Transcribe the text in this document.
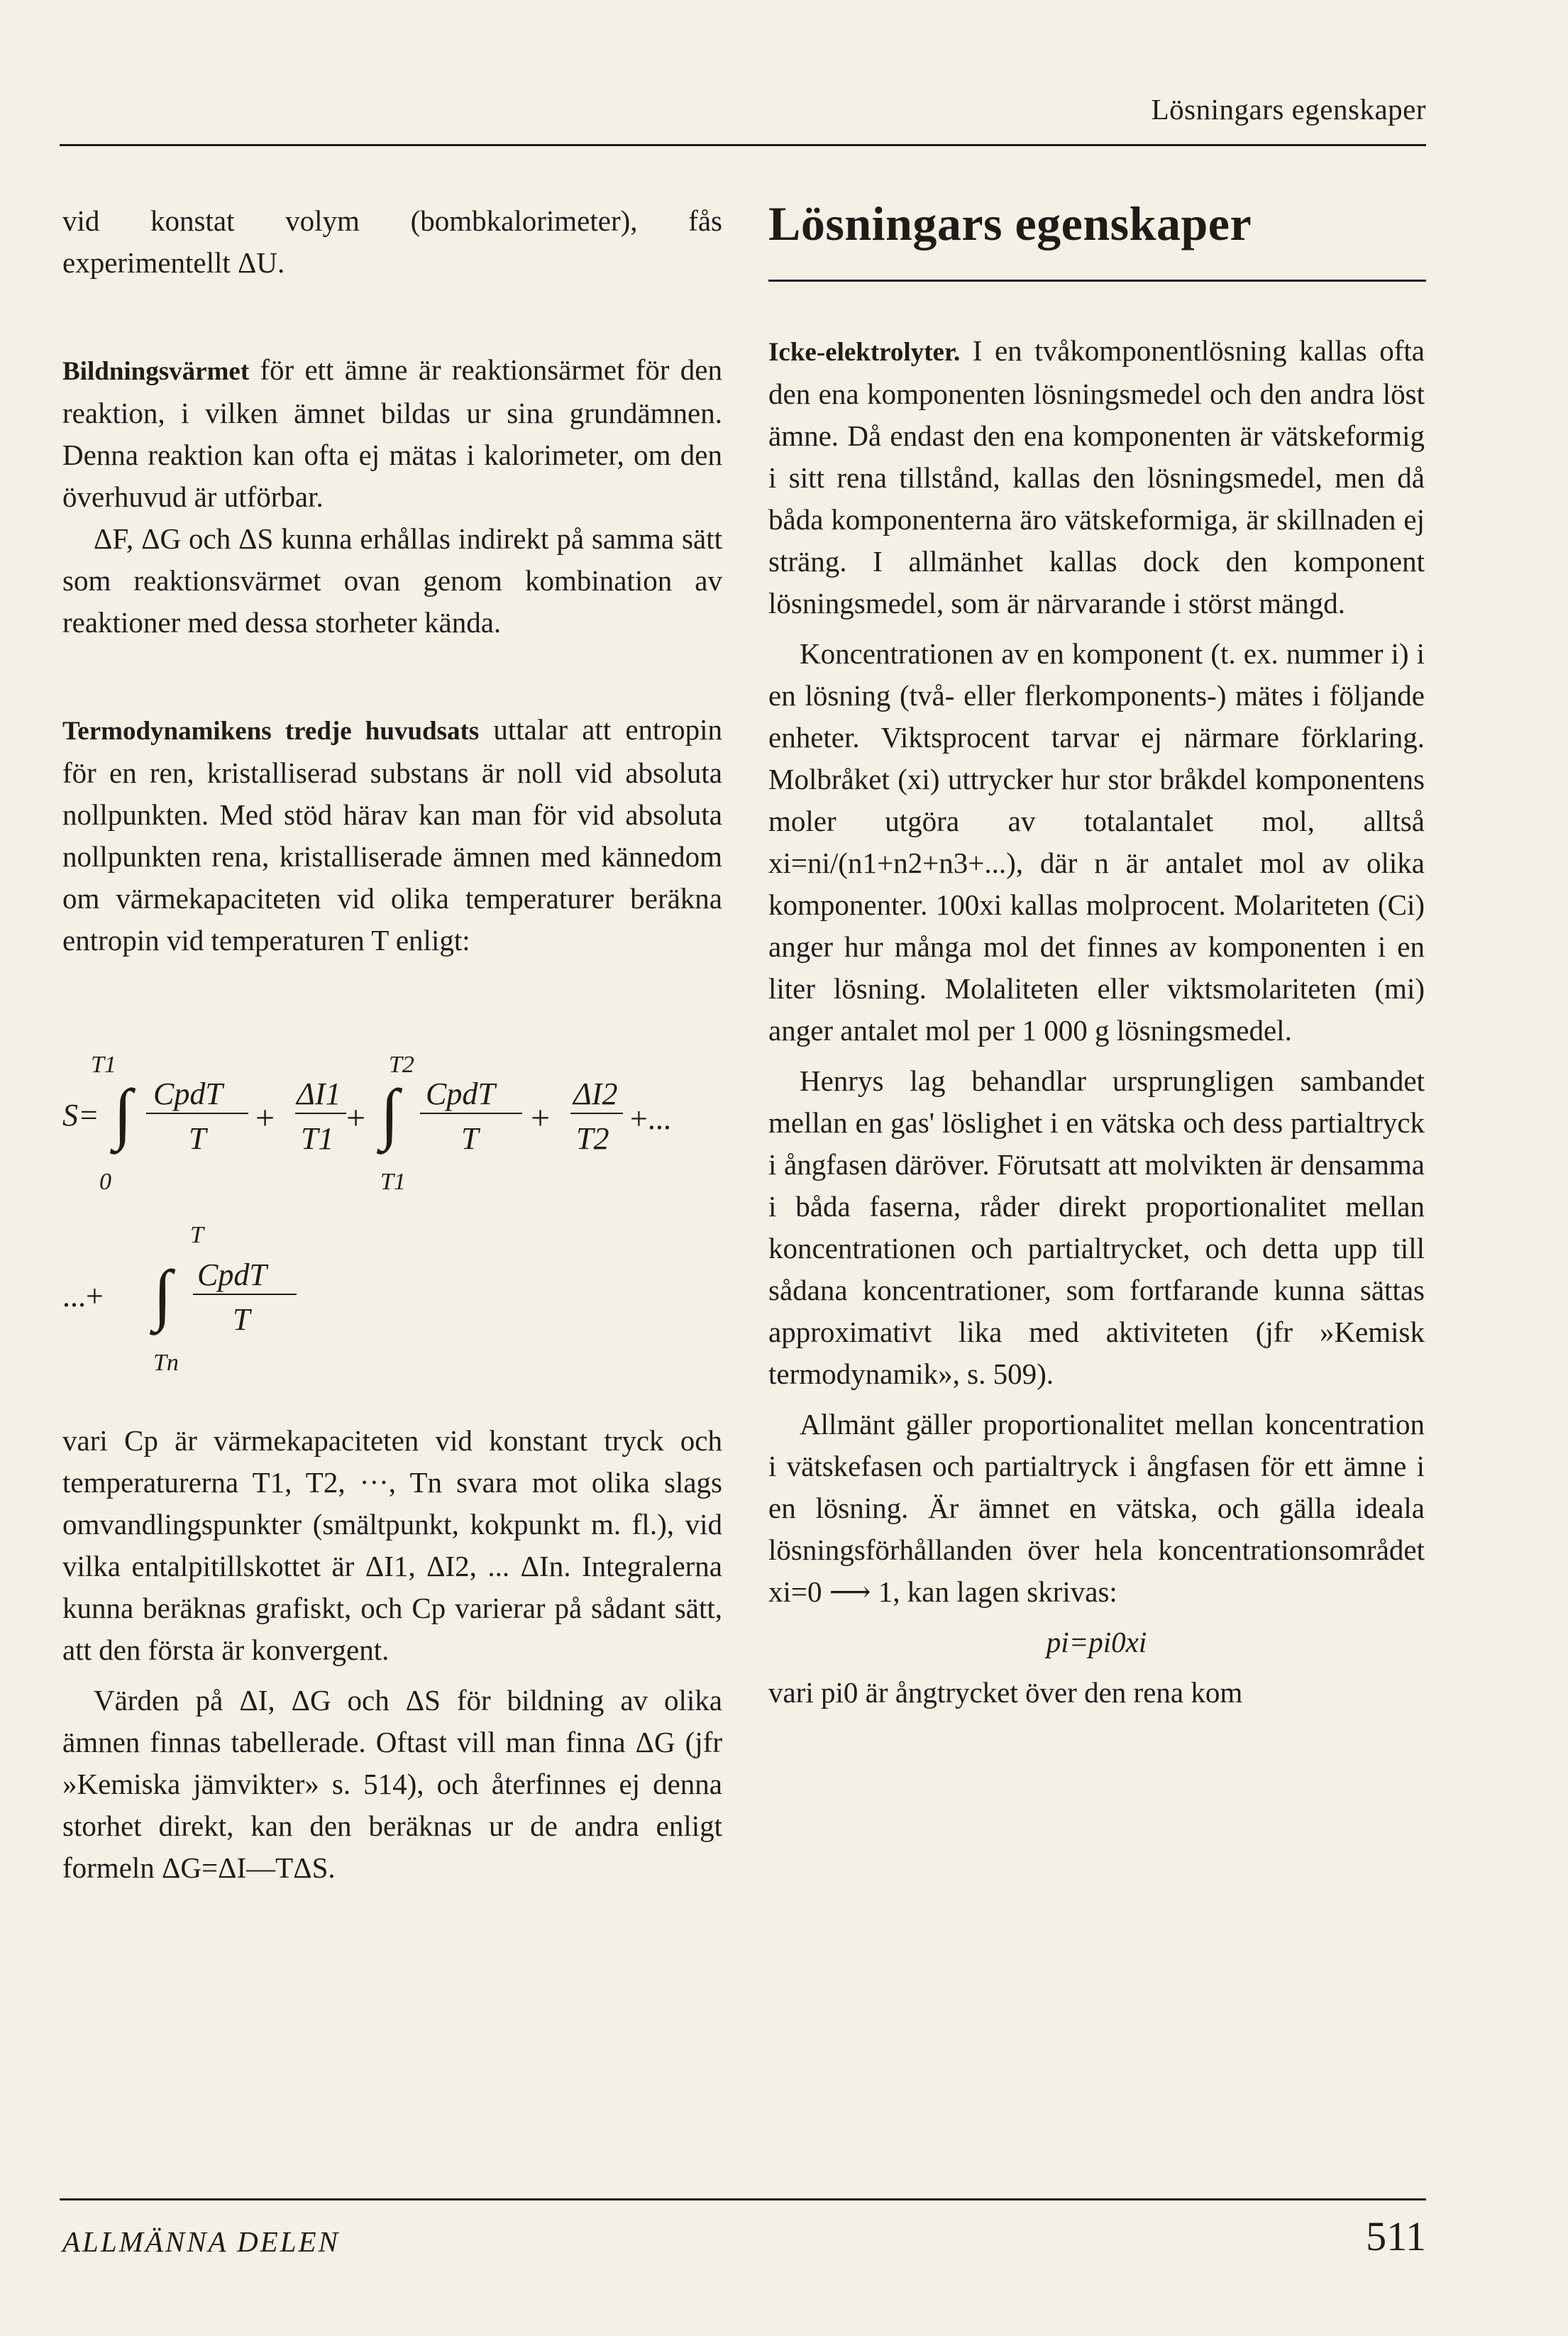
Lösningars egenskaper

vid konstat volym (bombkalorimeter), fås experimentellt ΔU.

Bildningsvärmet för ett ämne är reaktionsärmet för den reaktion, i vilken ämnet bildas ur sina grundämnen. Denna reaktion kan ofta ej mätas i kalorimeter, om den överhuvud är utförbar.

ΔF, ΔG och ΔS kunna erhållas indirekt på samma sätt som reaktionsvärmet ovan genom kombination av reaktioner med dessa storheter kända.

Termodynamikens tredje huvudsats uttalar att entropin för en ren, kristalliserad substans är noll vid absoluta nollpunkten. Med stöd härav kan man för vid absoluta nollpunkten rena, kristalliserade ämnen med kännedom om värmekapaciteten vid olika temperaturer beräkna entropin vid temperaturen T enligt:

T1
S= ∫
0
CpdT
T
+
ΔI1
T1
+
T2
∫
T1
CpdT
T
+
ΔI2
T2
+...
T
...+ ∫
Tn
CpdT
T

vari Cp är värmekapaciteten vid konstant tryck och temperaturerna T1, T2, ···, Tn svara mot olika slags omvandlingspunkter (smältpunkt, kokpunkt m. fl.), vid vilka entalpitillskottet är ΔI1, ΔI2, ... ΔIn. Integralerna kunna beräknas grafiskt, och Cp varierar på sådant sätt, att den första är konvergent.

Värden på ΔI, ΔG och ΔS för bildning av olika ämnen finnas tabellerade. Oftast vill man finna ΔG (jfr »Kemiska jämvikter» s. 514), och återfinnes ej denna storhet direkt, kan den beräknas ur de andra enligt formeln ΔG=ΔI—TΔS.

Lösningars egenskaper

Icke-elektrolyter. I en tvåkomponentlösning kallas ofta den ena komponenten lösningsmedel och den andra löst ämne. Då endast den ena komponenten är vätskeformig i sitt rena tillstånd, kallas den lösningsmedel, men då båda komponenterna äro vätskeformiga, är skillnaden ej sträng. I allmänhet kallas dock den komponent lösningsmedel, som är närvarande i störst mängd.

Koncentrationen av en komponent (t. ex. nummer i) i en lösning (två- eller flerkomponents-) mätes i följande enheter. Viktsprocent tarvar ej närmare förklaring. Molbråket (xi) uttrycker hur stor bråkdel komponentens moler utgöra av totalantalet mol, alltså xi=ni/(n1+n2+n3+...), där n är antalet mol av olika komponenter. 100xi kallas molprocent. Molariteten (Ci) anger hur många mol det finnes av komponenten i en liter lösning. Molaliteten eller viktsmolariteten (mi) anger antalet mol per 1 000 g lösningsmedel.

Henrys lag behandlar ursprungligen sambandet mellan en gas' löslighet i en vätska och dess partialtryck i ångfasen däröver. Förutsatt att molvikten är densamma i båda faserna, råder direkt proportionalitet mellan koncentrationen och partialtrycket, och detta upp till sådana koncentrationer, som fortfarande kunna sättas approximativt lika med aktiviteten (jfr »Kemisk termodynamik», s. 509).

Allmänt gäller proportionalitet mellan koncentration i vätskefasen och partialtryck i ångfasen för ett ämne i en lösning. Är ämnet en vätska, och gälla ideala lösningsförhållanden över hela koncentrationsområdet xi=0 ⟶ 1, kan lagen skrivas:

pi=pi0xi

vari pi0 är ångtrycket över den rena kom

ALLMÄNNA DELEN	511
